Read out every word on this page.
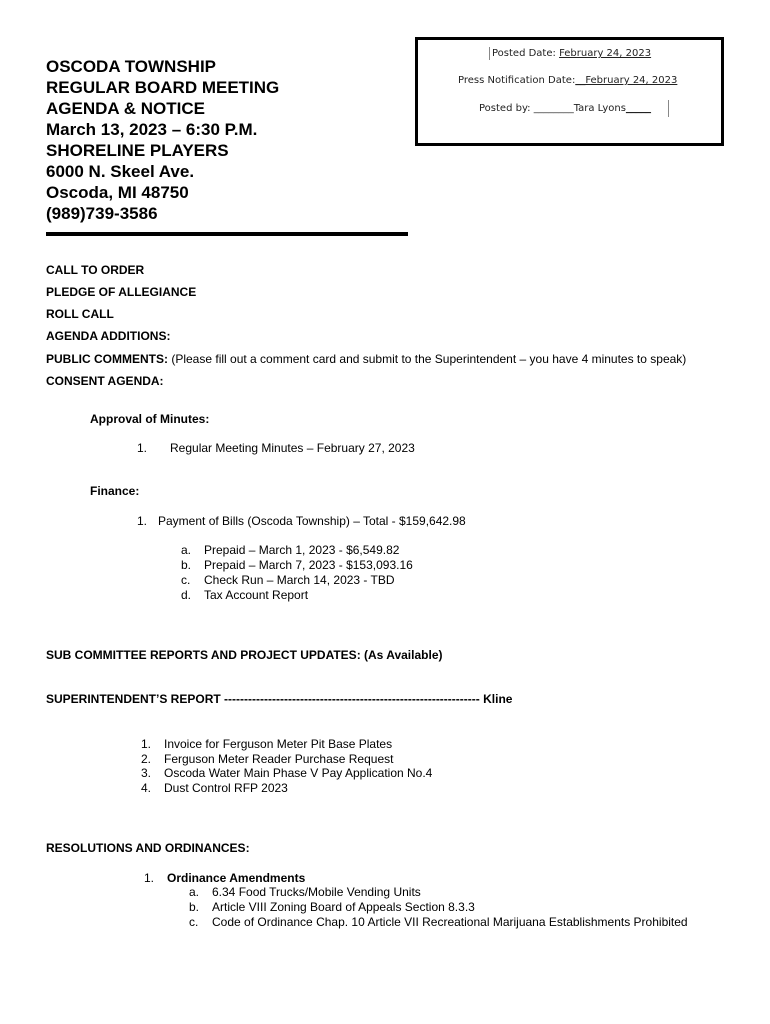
OSCODA TOWNSHIP
REGULAR BOARD MEETING
AGENDA & NOTICE
March 13, 2023 – 6:30 P.M.
SHORELINE PLAYERS
6000 N. Skeel Ave.
Oscoda, MI 48750
(989)739-3586
Posted Date: February 24, 2023
Press Notification Date:__February 24, 2023
Posted by: ________Tara Lyons_____
CALL TO ORDER
PLEDGE OF ALLEGIANCE
ROLL CALL
AGENDA ADDITIONS:
PUBLIC COMMENTS: (Please fill out a comment card and submit to the Superintendent – you have 4 minutes to speak)
CONSENT AGENDA:
Approval of Minutes:
1. Regular Meeting Minutes – February 27, 2023
Finance:
1. Payment of Bills (Oscoda Township) – Total - $159,642.98
a. Prepaid – March 1, 2023 - $6,549.82
b. Prepaid – March 7, 2023 - $153,093.16
c. Check Run – March 14, 2023 - TBD
d. Tax Account Report
SUB COMMITTEE REPORTS AND PROJECT UPDATES: (As Available)
SUPERINTENDENT’S REPORT ---------------------------------------------------------------- Kline
1. Invoice for Ferguson Meter Pit Base Plates
2. Ferguson Meter Reader Purchase Request
3. Oscoda Water Main Phase V Pay Application No.4
4. Dust Control RFP 2023
RESOLUTIONS AND ORDINANCES:
1. Ordinance Amendments
a. 6.34 Food Trucks/Mobile Vending Units
b. Article VIII Zoning Board of Appeals Section 8.3.3
c. Code of Ordinance Chap. 10 Article VII Recreational Marijuana Establishments Prohibited
